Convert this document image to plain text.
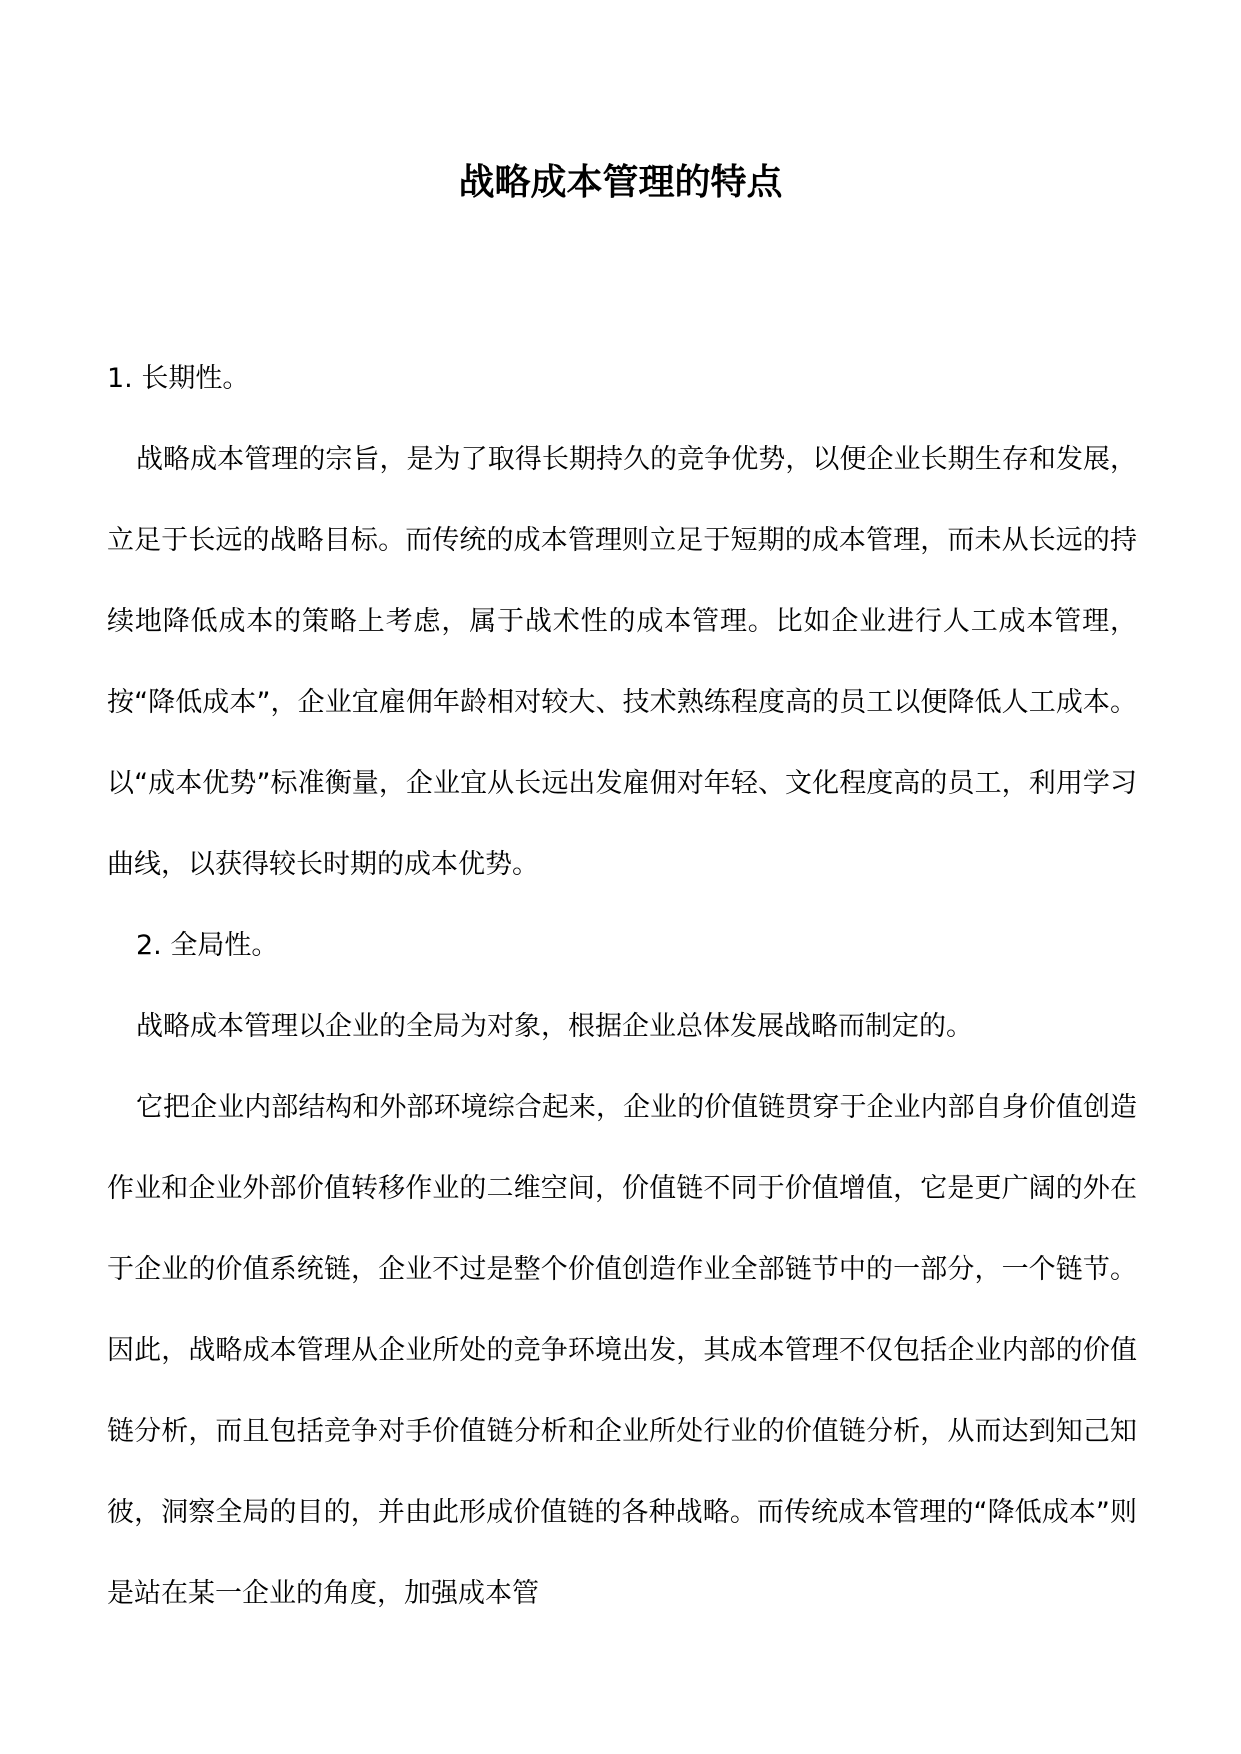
战略成本管理的特点

1. 长期性。

战略成本管理的宗旨，是为了取得长期持久的竞争优势，以便企业长期生存和发展，立足于长远的战略目标。而传统的成本管理则立足于短期的成本管理，而未从长远的持续地降低成本的策略上考虑，属于战术性的成本管理。比如企业进行人工成本管理，按“降低成本”，企业宜雇佣年龄相对较大、技术熟练程度高的员工以便降低人工成本。以“成本优势”标准衡量，企业宜从长远出发雇佣对年轻、文化程度高的员工，利用学习曲线，以获得较长时期的成本优势。

2. 全局性。

战略成本管理以企业的全局为对象，根据企业总体发展战略而制定的。

它把企业内部结构和外部环境综合起来，企业的价值链贯穿于企业内部自身价值创造作业和企业外部价值转移作业的二维空间，价值链不同于价值增值，它是更广阔的外在于企业的价值系统链，企业不过是整个价值创造作业全部链节中的一部分，一个链节。因此，战略成本管理从企业所处的竞争环境出发，其成本管理不仅包括企业内部的价值链分析，而且包括竞争对手价值链分析和企业所处行业的价值链分析，从而达到知己知彼，洞察全局的目的，并由此形成价值链的各种战略。而传统成本管理的“降低成本”则是站在某一企业的角度，加强成本管
